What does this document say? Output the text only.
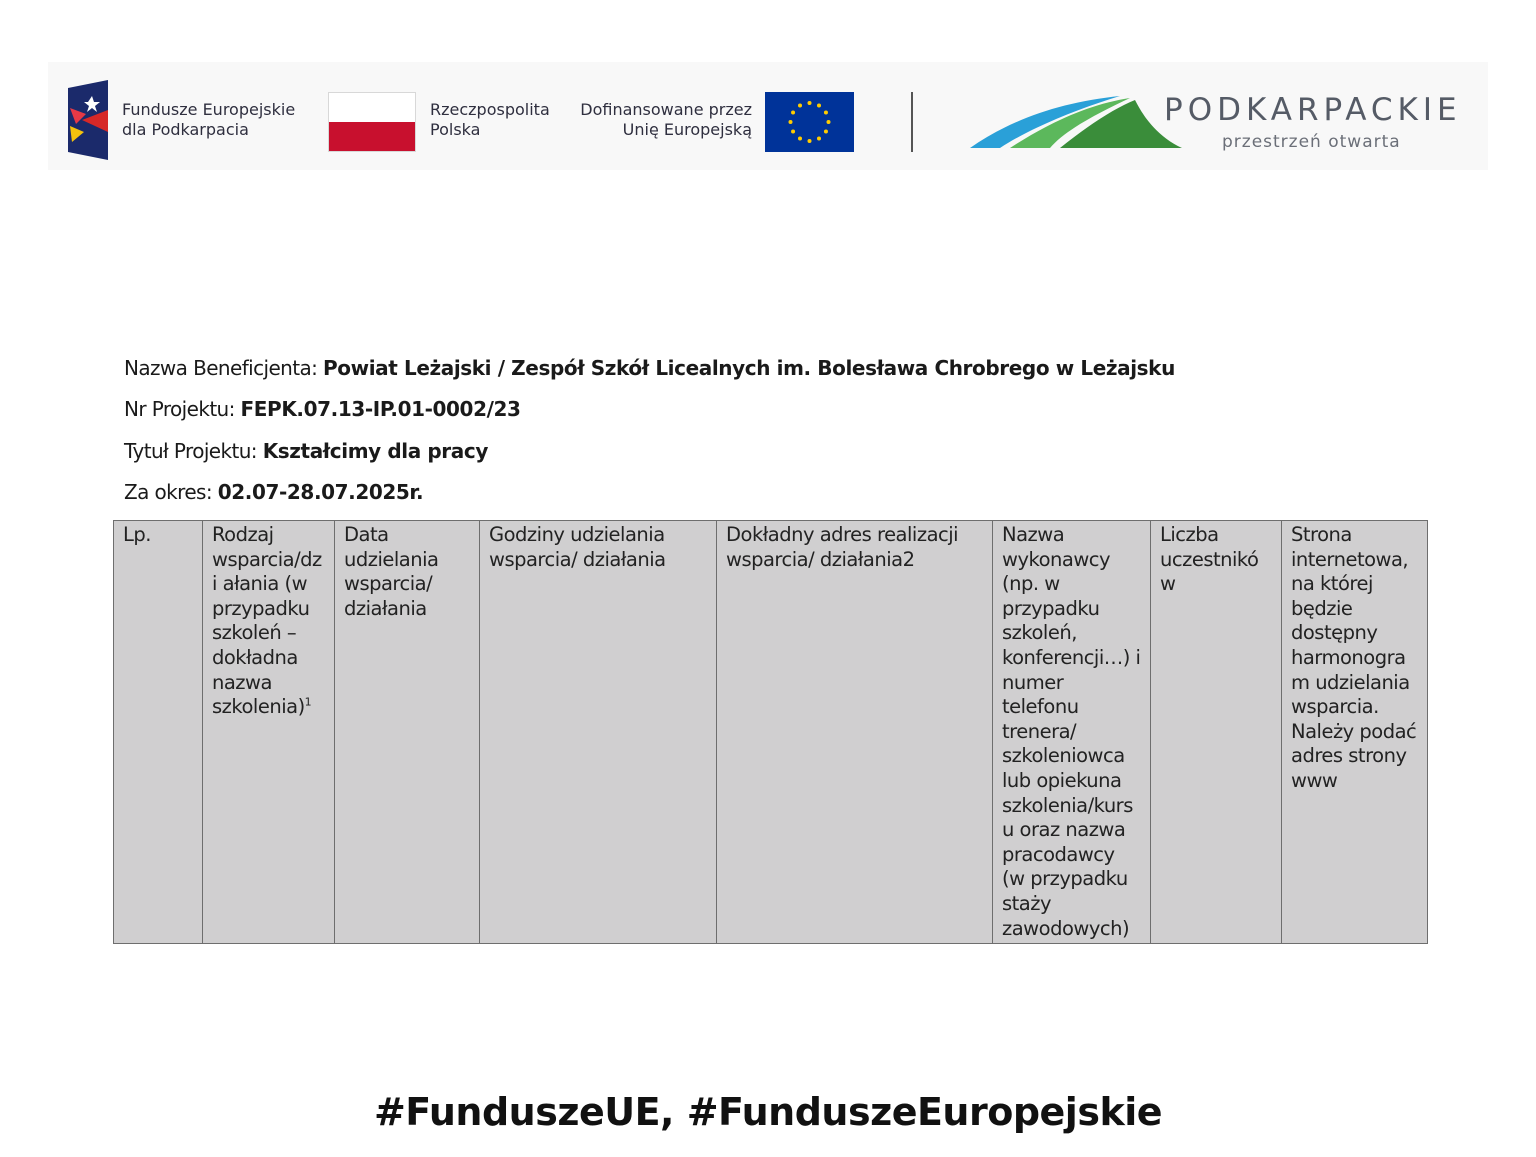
Fundusze Europejskie
dla Podkarpacia
Rzeczpospolita
Polska
Dofinansowane przez
Unię Europejską
PODKARPACKIE
przestrzeń otwarta
Nazwa Beneficjenta: Powiat Leżajski / Zespół Szkół Licealnych im. Bolesława Chrobrego w Leżajsku
Nr Projektu: FEPK.07.13-IP.01-0002/23
Tytuł Projektu: Kształcimy dla pracy
Za okres: 02.07-28.07.2025r.
Lp.	Rodzaj wsparcia/dzi ałania (w przypadku szkoleń – dokładna nazwa szkolenia)$^1$	Data udzielania wsparcia/ działania	Godziny udzielania wsparcia/ działania	Dokładny adres realizacji wsparcia/ działania2	Nazwa wykonawcy (np. w przypadku szkoleń, konferencji…) i numer telefonu trenera/ szkoleniowca lub opiekuna szkolenia/kurs u oraz nazwa pracodawcy (w przypadku staży zawodowych)	Liczba uczestników	Strona internetowa, na której będzie dostępny harmonogra m udzielania wsparcia. Należy podać adres strony www
#FunduszeUE, #FunduszeEuropejskie
